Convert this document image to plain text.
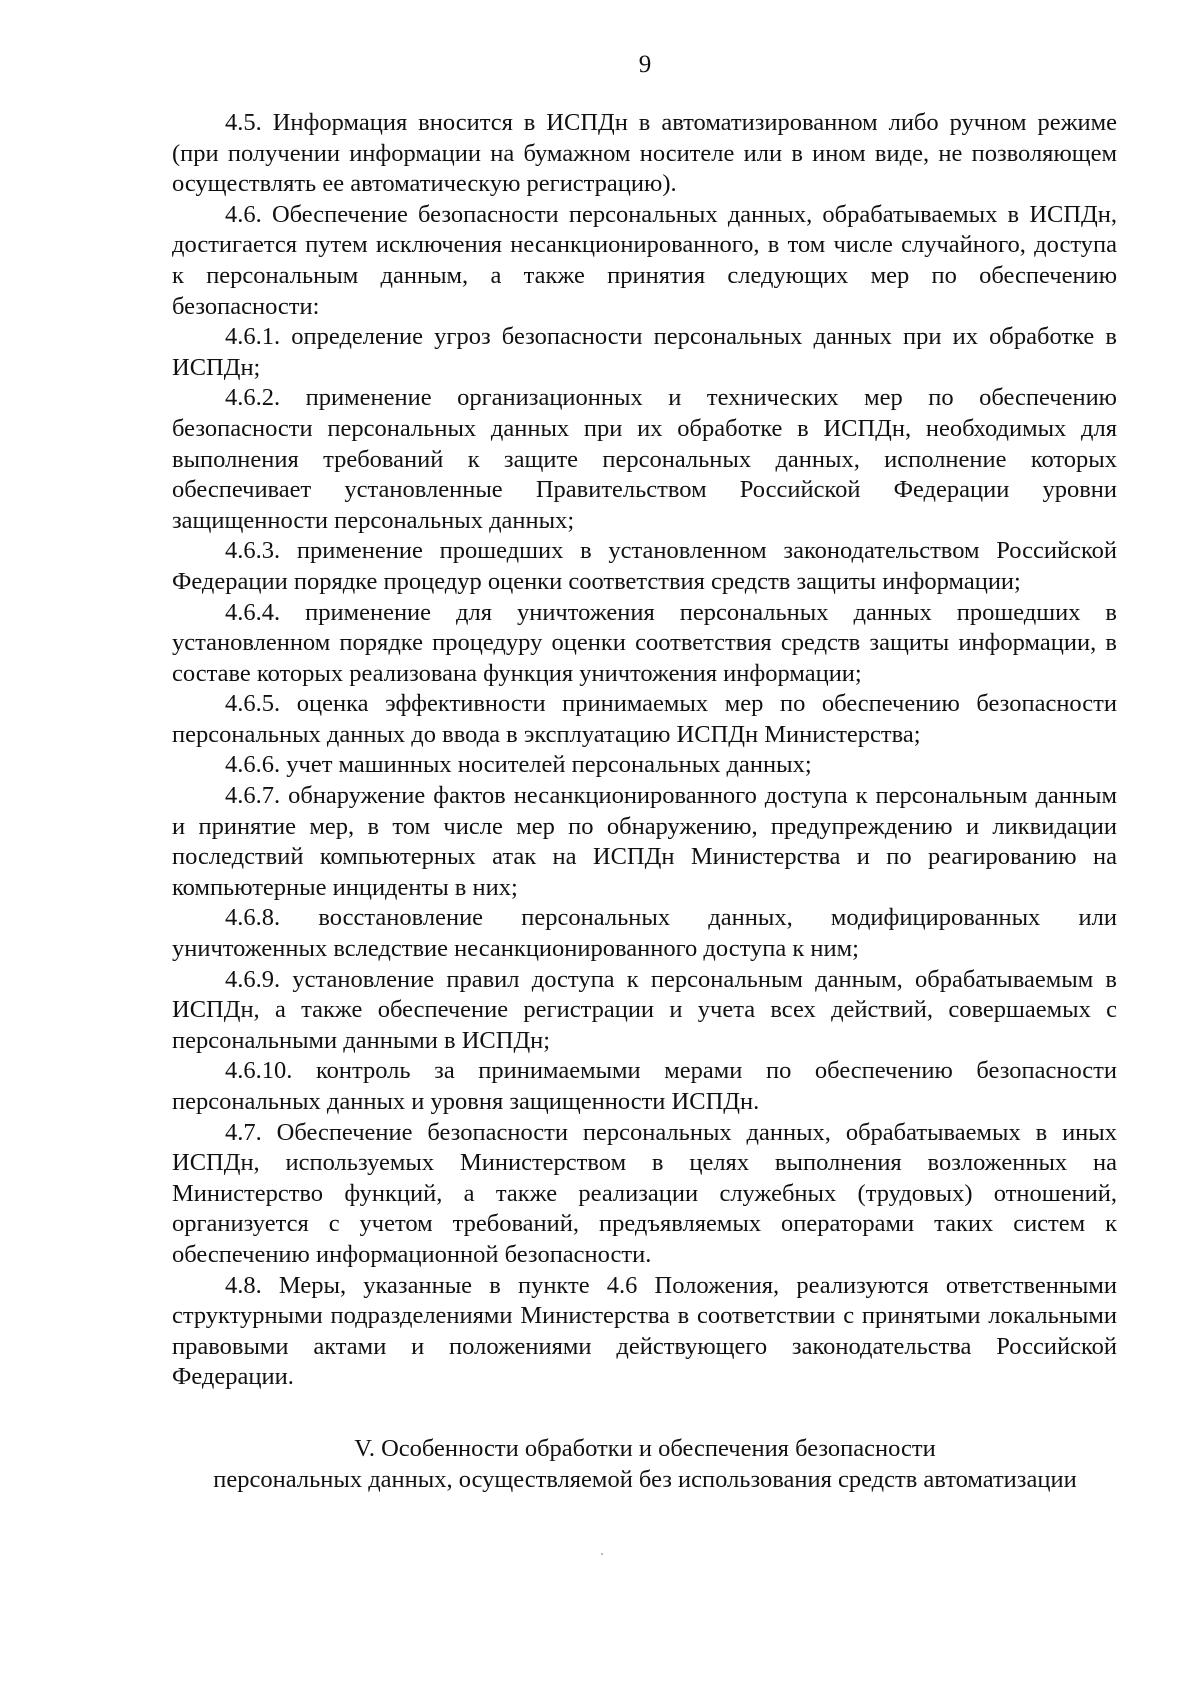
9

4.5. Информация вносится в ИСПДн в автоматизированном либо ручном режиме (при получении информации на бумажном носителе или в ином виде, не позволяющем осуществлять ее автоматическую регистрацию).

4.6. Обеспечение безопасности персональных данных, обрабатываемых в ИСПДн, достигается путем исключения несанкционированного, в том числе случайного, доступа к персональным данным, а также принятия следующих мер по обеспечению безопасности:

4.6.1. определение угроз безопасности персональных данных при их обработке в ИСПДн;

4.6.2. применение организационных и технических мер по обеспечению безопасности персональных данных при их обработке в ИСПДн, необходимых для выполнения требований к защите персональных данных, исполнение которых обеспечивает установленные Правительством Российской Федерации уровни защищенности персональных данных;

4.6.3. применение прошедших в установленном законодательством Российской Федерации порядке процедур оценки соответствия средств защиты информации;

4.6.4. применение для уничтожения персональных данных прошедших в установленном порядке процедуру оценки соответствия средств защиты информации, в составе которых реализована функция уничтожения информации;

4.6.5. оценка эффективности принимаемых мер по обеспечению безопасности персональных данных до ввода в эксплуатацию ИСПДн Министерства;

4.6.6. учет машинных носителей персональных данных;

4.6.7. обнаружение фактов несанкционированного доступа к персональным данным и принятие мер, в том числе мер по обнаружению, предупреждению и ликвидации последствий компьютерных атак на ИСПДн Министерства и по реагированию на компьютерные инциденты в них;

4.6.8. восстановление персональных данных, модифицированных или уничтоженных вследствие несанкционированного доступа к ним;

4.6.9. установление правил доступа к персональным данным, обрабатываемым в ИСПДн, а также обеспечение регистрации и учета всех действий, совершаемых с персональными данными в ИСПДн;

4.6.10. контроль за принимаемыми мерами по обеспечению безопасности персональных данных и уровня защищенности ИСПДн.

4.7. Обеспечение безопасности персональных данных, обрабатываемых в иных ИСПДн, используемых Министерством в целях выполнения возложенных на Министерство функций, а также реализации служебных (трудовых) отношений, организуется с учетом требований, предъявляемых операторами таких систем к обеспечению информационной безопасности.

4.8. Меры, указанные в пункте 4.6 Положения, реализуются ответственными структурными подразделениями Министерства в соответствии с принятыми локальными правовыми актами и положениями действующего законодательства Российской Федерации.

V. Особенности обработки и обеспечения безопасности
персональных данных, осуществляемой без использования средств автоматизации
